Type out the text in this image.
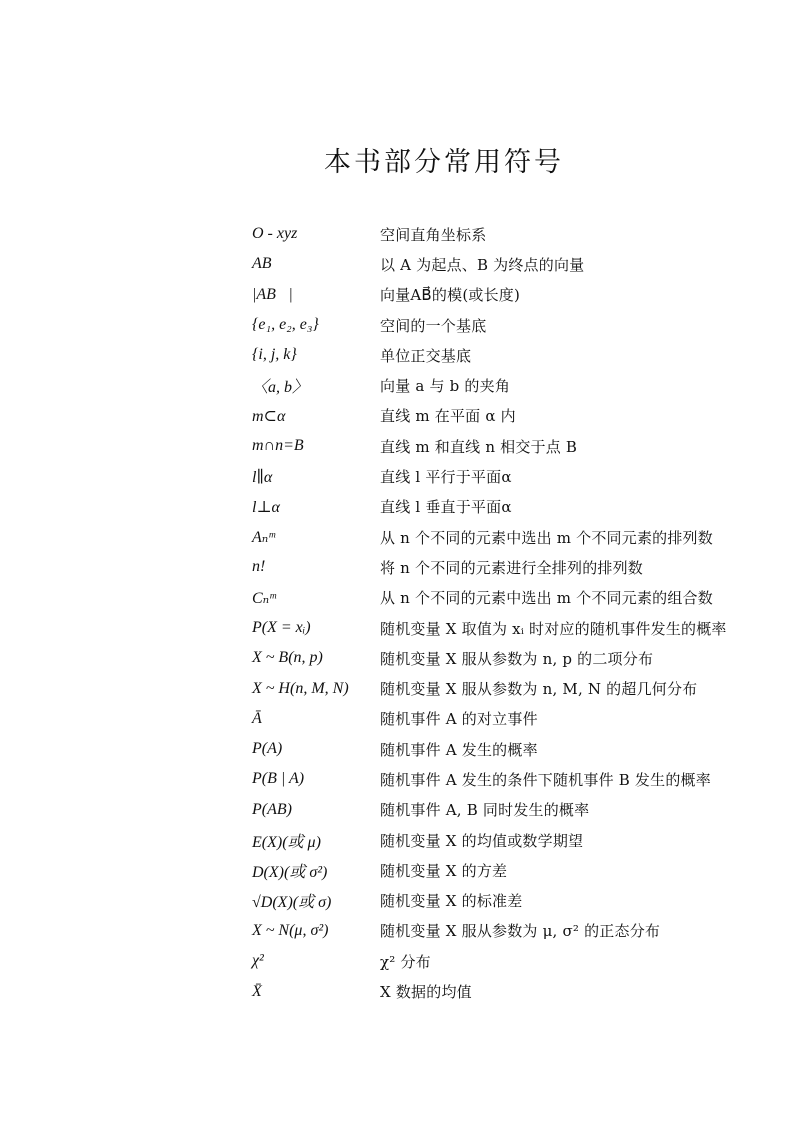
本书部分常用符号
O - xyz	空间直角坐标系
AB⃗	以 A 为起点、B 为终点的向量
|AB⃗|	向量AB⃗的模(或长度)
{e₁, e₂, e₃}	空间的一个基底
{i, j, k}	单位正交基底
〈a, b〉	向量 a 与 b 的夹角
m⊂α	直线 m 在平面 α 内
m∩n=B	直线 m 和直线 n 相交于点 B
l∥α	直线 l 平行于平面α
l⊥α	直线 l 垂直于平面α
Aₙᵐ	从 n 个不同的元素中选出 m 个不同元素的排列数
n!	将 n 个不同的元素进行全排列的排列数
Cₙᵐ	从 n 个不同的元素中选出 m 个不同元素的组合数
P(X = xᵢ)	随机变量 X 取值为 xᵢ 时对应的随机事件发生的概率
X ~ B(n, p)	随机变量 X 服从参数为 n, p 的二项分布
X ~ H(n, M, N)	随机变量 X 服从参数为 n, M, N 的超几何分布
Ā	随机事件 A 的对立事件
P(A)	随机事件 A 发生的概率
P(B | A)	随机事件 A 发生的条件下随机事件 B 发生的概率
P(AB)	随机事件 A, B 同时发生的概率
E(X)(或 μ)	随机变量 X 的均值或数学期望
D(X)(或 σ²)	随机变量 X 的方差
√D(X)(或 σ)	随机变量 X 的标准差
X ~ N(μ, σ²)	随机变量 X 服从参数为 μ, σ² 的正态分布
χ²	χ² 分布
X̄	X 数据的均值
